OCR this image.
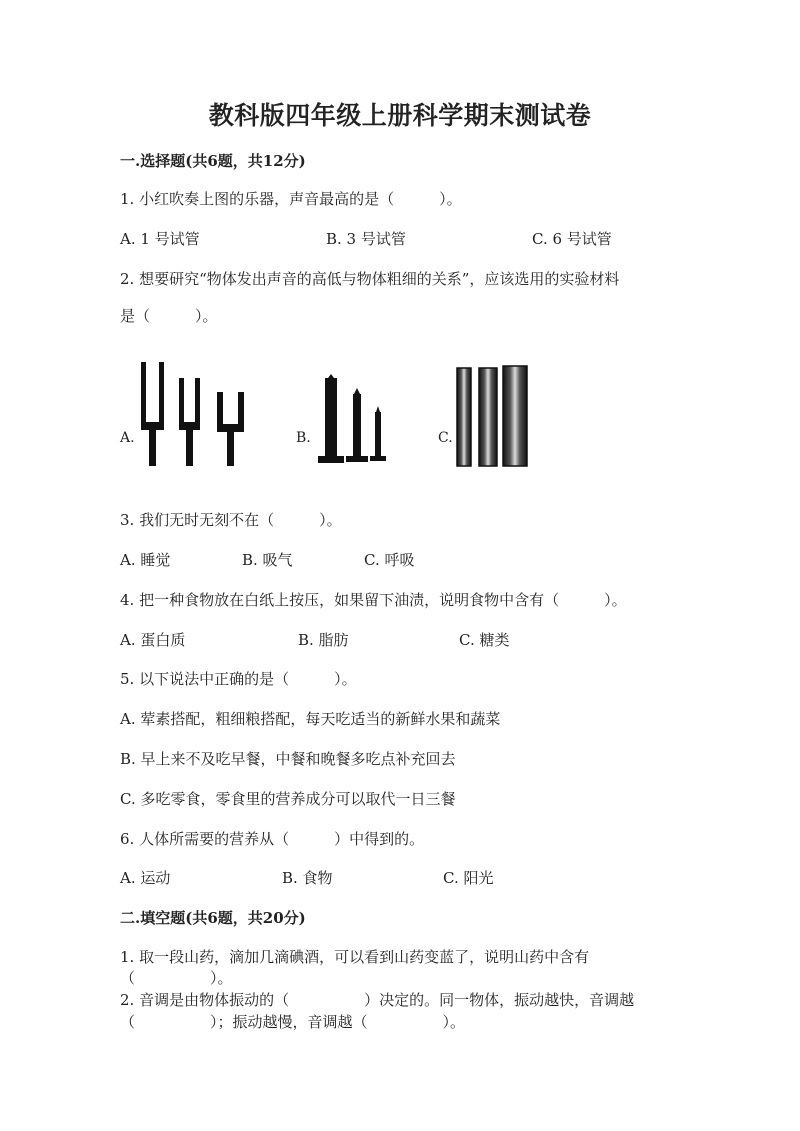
教科版四年级上册科学期末测试卷
一.选择题(共6题，共12分)
1. 小红吹奏上图的乐器，声音最高的是（　　　）。
A. 1 号试管	B. 3 号试管	C. 6 号试管
2. 想要研究“物体发出声音的高低与物体粗细的关系”，应该选用的实验材料
是（　　　）。
A.	B.	C.
3. 我们无时无刻不在（　　　）。
A. 睡觉	B. 吸气	C. 呼吸
4. 把一种食物放在白纸上按压，如果留下油渍，说明食物中含有（　　　）。
A. 蛋白质	B. 脂肪	C. 糖类
5. 以下说法中正确的是（　　　）。
A. 荤素搭配，粗细粮搭配，每天吃适当的新鲜水果和蔬菜
B. 早上来不及吃早餐，中餐和晚餐多吃点补充回去
C. 多吃零食，零食里的营养成分可以取代一日三餐
6. 人体所需要的营养从（　　　）中得到的。
A. 运动	B. 食物	C. 阳光
二.填空题(共6题，共20分)
1. 取一段山药，滴加几滴碘酒，可以看到山药变蓝了，说明山药中含有
（　　　　　）。
2. 音调是由物体振动的（　　　　　）决定的。同一物体，振动越快，音调越
（　　　　　）；振动越慢，音调越（　　　　　）。
